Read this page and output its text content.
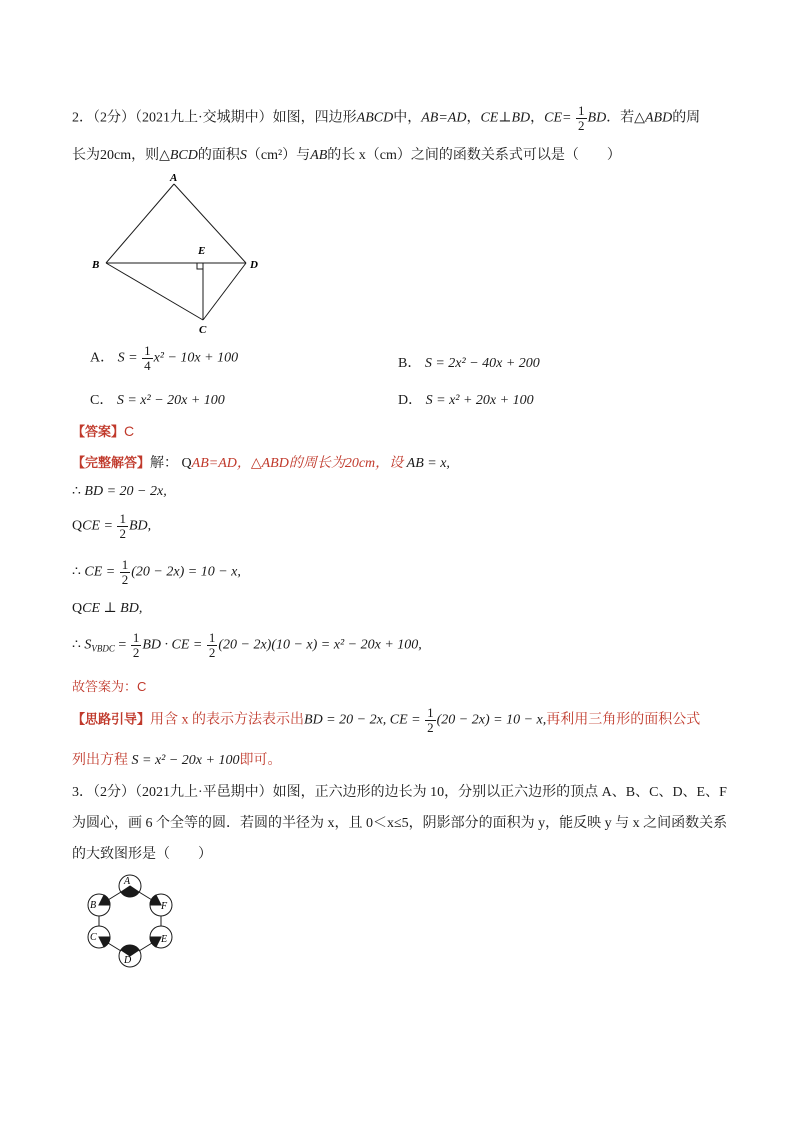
2．（2分）（2021九上·交城期中）如图，四边形ABCD中，AB=AD，CE⊥BD，$CE= \frac{1}{2}$ BD．若△ABD的周
长为20cm，则△BCD的面积S（cm²）与AB的长 x（cm）之间的函数关系式可以是（　　）
A
B
E
D
C
A． $S = \frac{1}{4} x^2 - 10x + 100$	B． S = 2x² − 40x + 200
C． S = x² − 20x + 100	D． S = x² + 20x + 100
【答案】C
【完整解答】解： QAB=AD，△ABD的周长为20cm，设 AB = x,
∴ BD = 20 − 2x,
QCE = $\frac{1}{2}$ BD,
∴ CE = $\frac{1}{2} (20 - 2x) = 10 - x$,
QCE ⊥ BD,
∴ $S_{VBDC} = \frac{1}{2}$ BD · CE = $\frac{1}{2} (20 - 2x)(10 - x) = x^2 - 20x + 100$,
故答案为：C
【思路引导】用含 x 的表示方法表示出BD = 20 − 2x, CE = $\frac{1}{2} (20 - 2x) = 10 - x$,再利用三角形的面积公式
列出方程 S = x² − 20x + 100即可。
3．（2分）（2021九上·平邑期中）如图，正六边形的边长为 10，分别以正六边形的顶点 A、B、C、D、E、F
为圆心，画 6 个全等的圆．若圆的半径为 x，且 0＜x≤5，阴影部分的面积为 y，能反映 y 与 x 之间函数关系
的大致图形是（　　）
A
B
C
D
E
F
